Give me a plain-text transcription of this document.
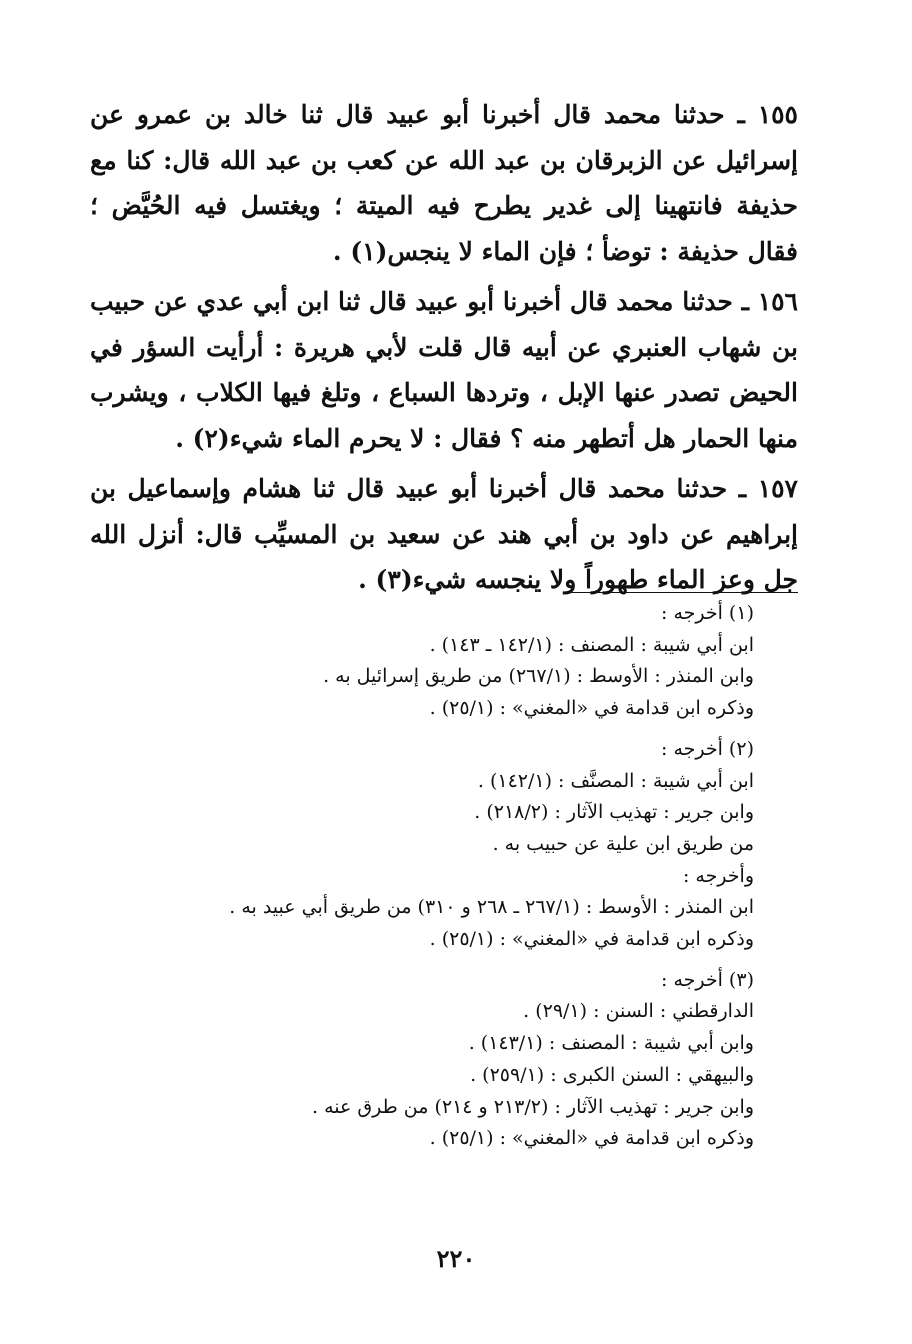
١٥٥ ـ حدثنا محمد قال أخبرنا أبو عبيد قال ثنا خالد بن عمرو عن إسرائيل عن الزبرقان بن عبد الله عن كعب بن عبد الله قال: كنا مع حذيفة فانتهينا إلى غدير يطرح فيه الميتة ؛ ويغتسل فيه الحُيَّض ؛ فقال حذيفة : توضأ ؛ فإن الماء لا ينجس(١) .

١٥٦ ـ حدثنا محمد قال أخبرنا أبو عبيد قال ثنا ابن أبي عدي عن حبيب بن شهاب العنبري عن أبيه قال قلت لأبي هريرة : أرأيت السؤر في الحيض تصدر عنها الإبل ، وتردها السباع ، وتلغ فيها الكلاب ، ويشرب منها الحمار هل أتطهر منه ؟ فقال : لا يحرم الماء شيء(٢) .

١٥٧ ـ حدثنا محمد قال أخبرنا أبو عبيد قال ثنا هشام وإسماعيل بن إبراهيم عن داود بن أبي هند عن سعيد بن المسيِّب قال: أنزل الله جل وعز الماء طهوراً ولا ينجسه شيء(٣) .

(١) أخرجه :
ابن أبي شيبة : المصنف : (١٤٢/١ ـ ١٤٣) .
وابن المنذر : الأوسط : (٢٦٧/١) من طريق إسرائيل به .
وذكره ابن قدامة في «المغني» : (٢٥/١) .
(٢) أخرجه :
ابن أبي شيبة : المصنَّف : (١٤٢/١) .
وابن جرير : تهذيب الآثار : (٢١٨/٢) .
من طريق ابن علية عن حبيب به .
وأخرجه :
ابن المنذر : الأوسط : (٢٦٧/١ ـ ٢٦٨ و ٣١٠) من طريق أبي عبيد به .
وذكره ابن قدامة في «المغني» : (٢٥/١) .
(٣) أخرجه :
الدارقطني : السنن : (٢٩/١) .
وابن أبي شيبة : المصنف : (١٤٣/١) .
والبيهقي : السنن الكبرى : (٢٥٩/١) .
وابن جرير : تهذيب الآثار : (٢١٣/٢ و ٢١٤) من طرق عنه .
وذكره ابن قدامة في «المغني» : (٢٥/١) .
٢٢٠
